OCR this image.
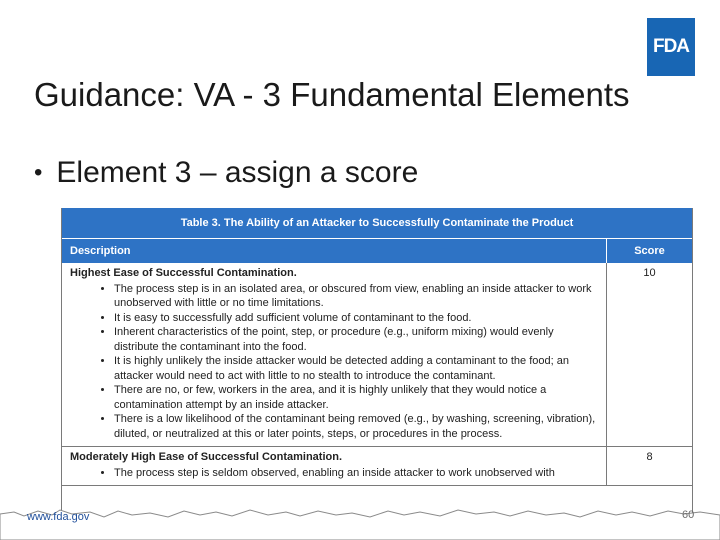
FDA
Guidance: VA - 3 Fundamental Elements
• Element 3 – assign a score
Table 3. The Ability of an Attacker to Successfully Contaminate the Product
Description	Score
Highest Ease of Successful Contamination.
• The process step is in an isolated area, or obscured from view, enabling an inside attacker to work unobserved with little or no time limitations.
• It is easy to successfully add sufficient volume of contaminant to the food.
• Inherent characteristics of the point, step, or procedure (e.g., uniform mixing) would evenly distribute the contaminant into the food.
• It is highly unlikely the inside attacker would be detected adding a contaminant to the food; an attacker would need to act with little to no stealth to introduce the contaminant.
• There are no, or few, workers in the area, and it is highly unlikely that they would notice a contamination attempt by an inside attacker.
• There is a low likelihood of the contaminant being removed (e.g., by washing, screening, vibration), diluted, or neutralized at this or later points, steps, or procedures in the process.
10
Moderately High Ease of Successful Contamination.
• The process step is seldom observed, enabling an inside attacker to work unobserved with
8
www.fda.gov	60
